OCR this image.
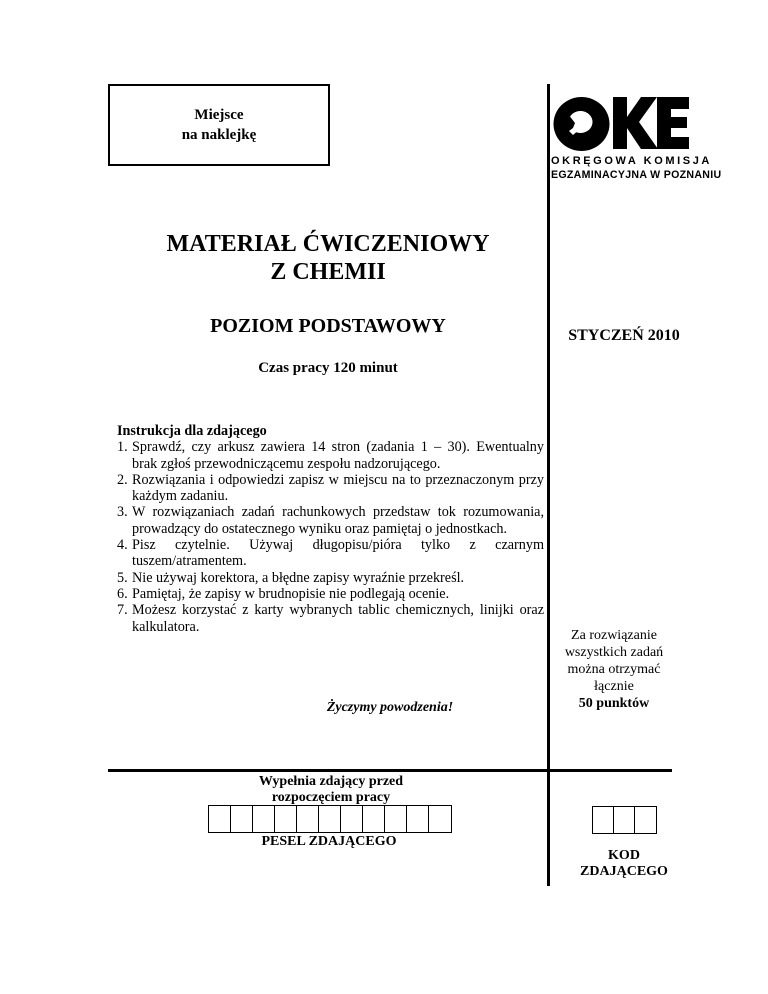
Miejsce
na naklejkę
OKRĘGOWA KOMISJA
EGZAMINACYJNA W POZNANIU
MATERIAŁ ĆWICZENIOWY
Z CHEMII
POZIOM PODSTAWOWY	STYCZEŃ 2010
Czas pracy 120 minut
Instrukcja dla zdającego
1. Sprawdź, czy arkusz zawiera 14 stron (zadania 1 – 30). Ewentualny brak zgłoś przewodniczącemu zespołu nadzorującego.
2. Rozwiązania i odpowiedzi zapisz w miejscu na to przeznaczonym przy każdym zadaniu.
3. W rozwiązaniach zadań rachunkowych przedstaw tok rozumowania, prowadzący do ostatecznego wyniku oraz pamiętaj o jednostkach.
4. Pisz czytelnie. Używaj długopisu/pióra tylko z czarnym tuszem/atramentem.
5. Nie używaj korektora, a błędne zapisy wyraźnie przekreśl.
6. Pamiętaj, że zapisy w brudnopisie nie podlegają ocenie.
7. Możesz korzystać z karty wybranych tablic chemicznych, linijki oraz kalkulatora.
Życzymy powodzenia!
Za rozwiązanie
wszystkich zadań
można otrzymać
łącznie
50 punktów
Wypełnia zdający przed
rozpoczęciem pracy
PESEL ZDAJĄCEGO
KOD
ZDAJĄCEGO
